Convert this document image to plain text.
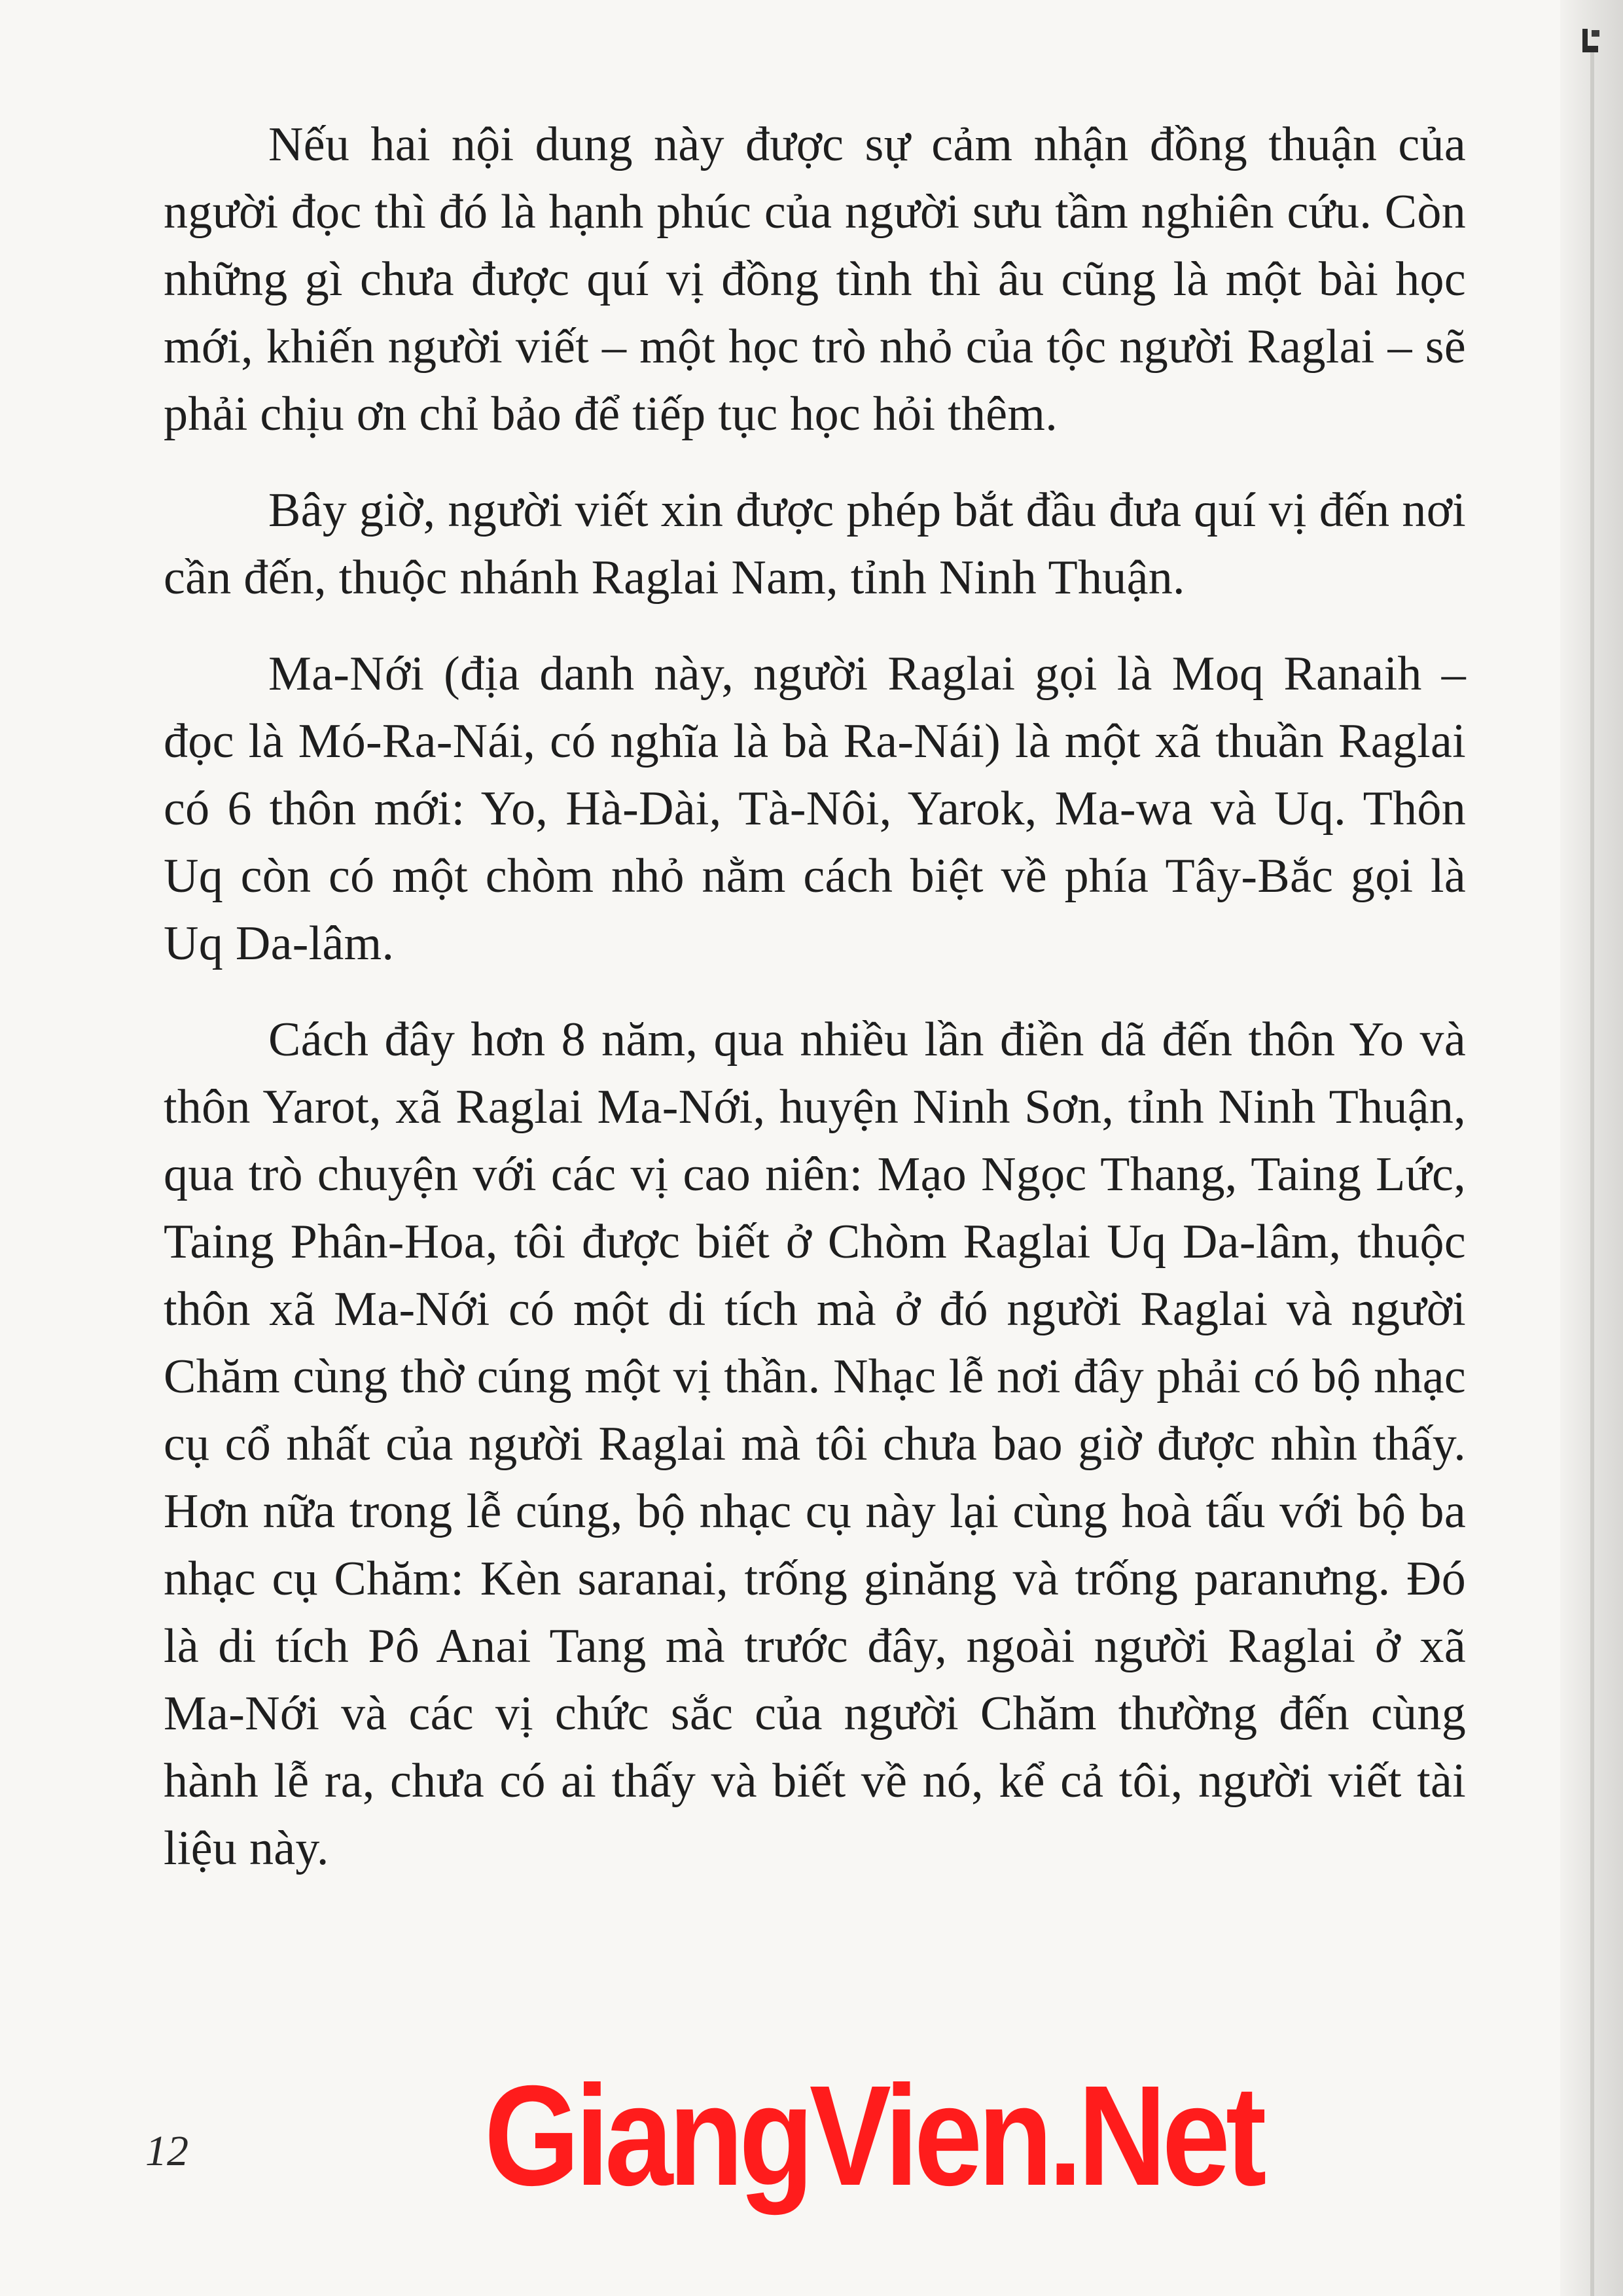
Nếu hai nội dung này được sự cảm nhận đồng thuận của người đọc thì đó là hạnh phúc của người sưu tầm nghiên cứu. Còn những gì chưa được quí vị đồng tình thì âu cũng là một bài học mới, khiến người viết – một học trò nhỏ của tộc người Raglai – sẽ phải chịu ơn chỉ bảo để tiếp tục học hỏi thêm.

Bây giờ, người viết xin được phép bắt đầu đưa quí vị đến nơi cần đến, thuộc nhánh Raglai Nam, tỉnh Ninh Thuận.

Ma-Nới (địa danh này, người Raglai gọi là Moq Ranaih – đọc là Mó-Ra-Nái, có nghĩa là bà Ra-Nái) là một xã thuần Raglai có 6 thôn mới: Yo, Hà-Dài, Tà-Nôi, Yarok, Ma-wa và Uq. Thôn Uq còn có một chòm nhỏ nằm cách biệt về phía Tây-Bắc gọi là Uq Da-lâm.

Cách đây hơn 8 năm, qua nhiều lần điền dã đến thôn Yo và thôn Yarot, xã Raglai Ma-Nới, huyện Ninh Sơn, tỉnh Ninh Thuận, qua trò chuyện với các vị cao niên: Mạo Ngọc Thang, Taing Lức, Taing Phân-Hoa, tôi được biết ở Chòm Raglai Uq Da-lâm, thuộc thôn xã Ma-Nới có một di tích mà ở đó người Raglai và người Chăm cùng thờ cúng một vị thần. Nhạc lễ nơi đây phải có bộ nhạc cụ cổ nhất của người Raglai mà tôi chưa bao giờ được nhìn thấy. Hơn nữa trong lễ cúng, bộ nhạc cụ này lại cùng hoà tấu với bộ ba nhạc cụ Chăm: Kèn saranai, trống ginăng và trống paranưng. Đó là di tích Pô Anai Tang mà trước đây, ngoài người Raglai ở xã Ma-Nới và các vị chức sắc của người Chăm thường đến cùng hành lễ ra, chưa có ai thấy và biết về nó, kể cả tôi, người viết tài liệu này.

12 GiangVien.Net
